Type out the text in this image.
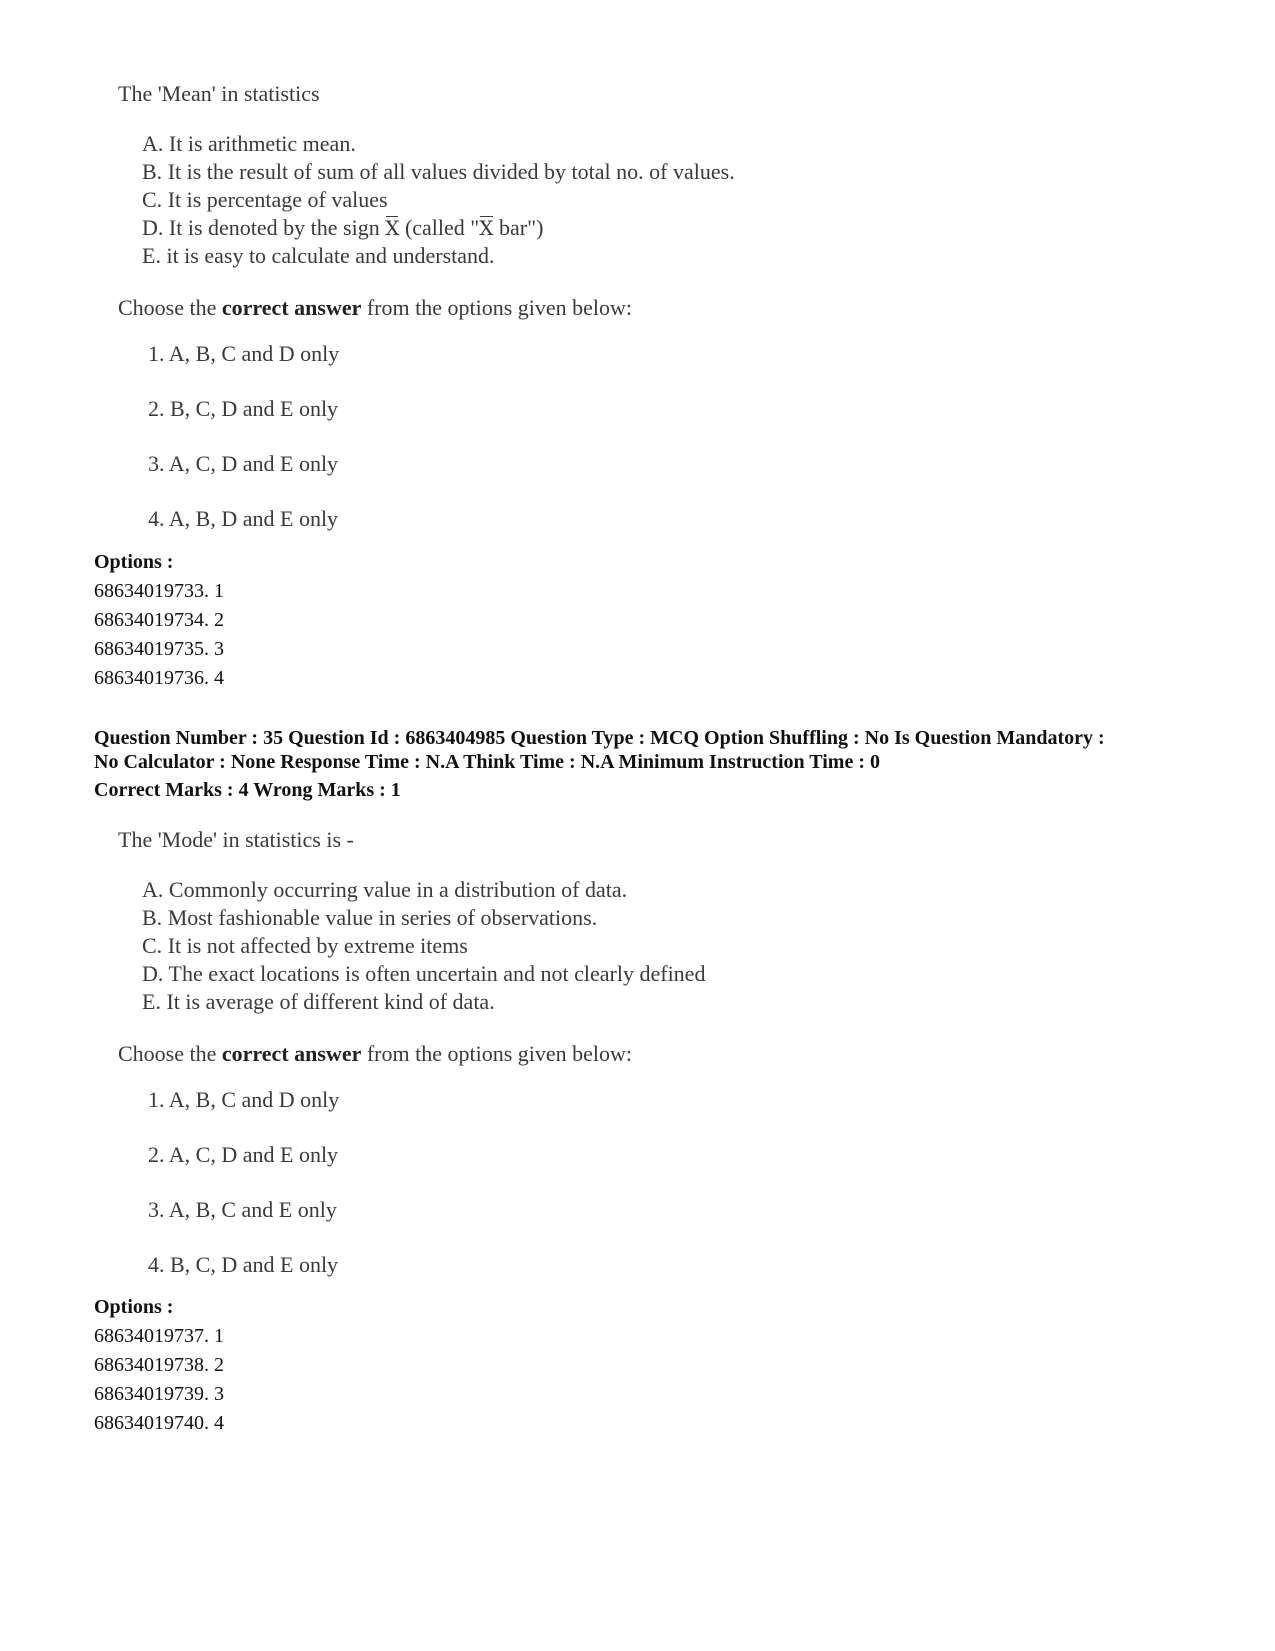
The 'Mean' in statistics

A. It is arithmetic mean.
B. It is the result of sum of all values divided by total no. of values.
C. It is percentage of values
D. It is denoted by the sign X (called "X bar")
E. it is easy to calculate and understand.
Choose the correct answer from the options given below:
1. A, B, C and D only
2. B, C, D and E only
3. A, C, D and E only
4. A, B, D and E only
Options :
68634019733. 1
68634019734. 2
68634019735. 3
68634019736. 4
Question Number : 35 Question Id : 6863404985 Question Type : MCQ Option Shuffling : No Is Question Mandatory :
No Calculator : None Response Time : N.A Think Time : N.A Minimum Instruction Time : 0
Correct Marks : 4 Wrong Marks : 1

The 'Mode' in statistics is -

A. Commonly occurring value in a distribution of data.
B. Most fashionable value in series of observations.
C. It is not affected by extreme items
D. The exact locations is often uncertain and not clearly defined
E. It is average of different kind of data.
Choose the correct answer from the options given below:
1. A, B, C and D only
2. A, C, D and E only
3. A, B, C and E only
4. B, C, D and E only
Options :
68634019737. 1
68634019738. 2
68634019739. 3
68634019740. 4
